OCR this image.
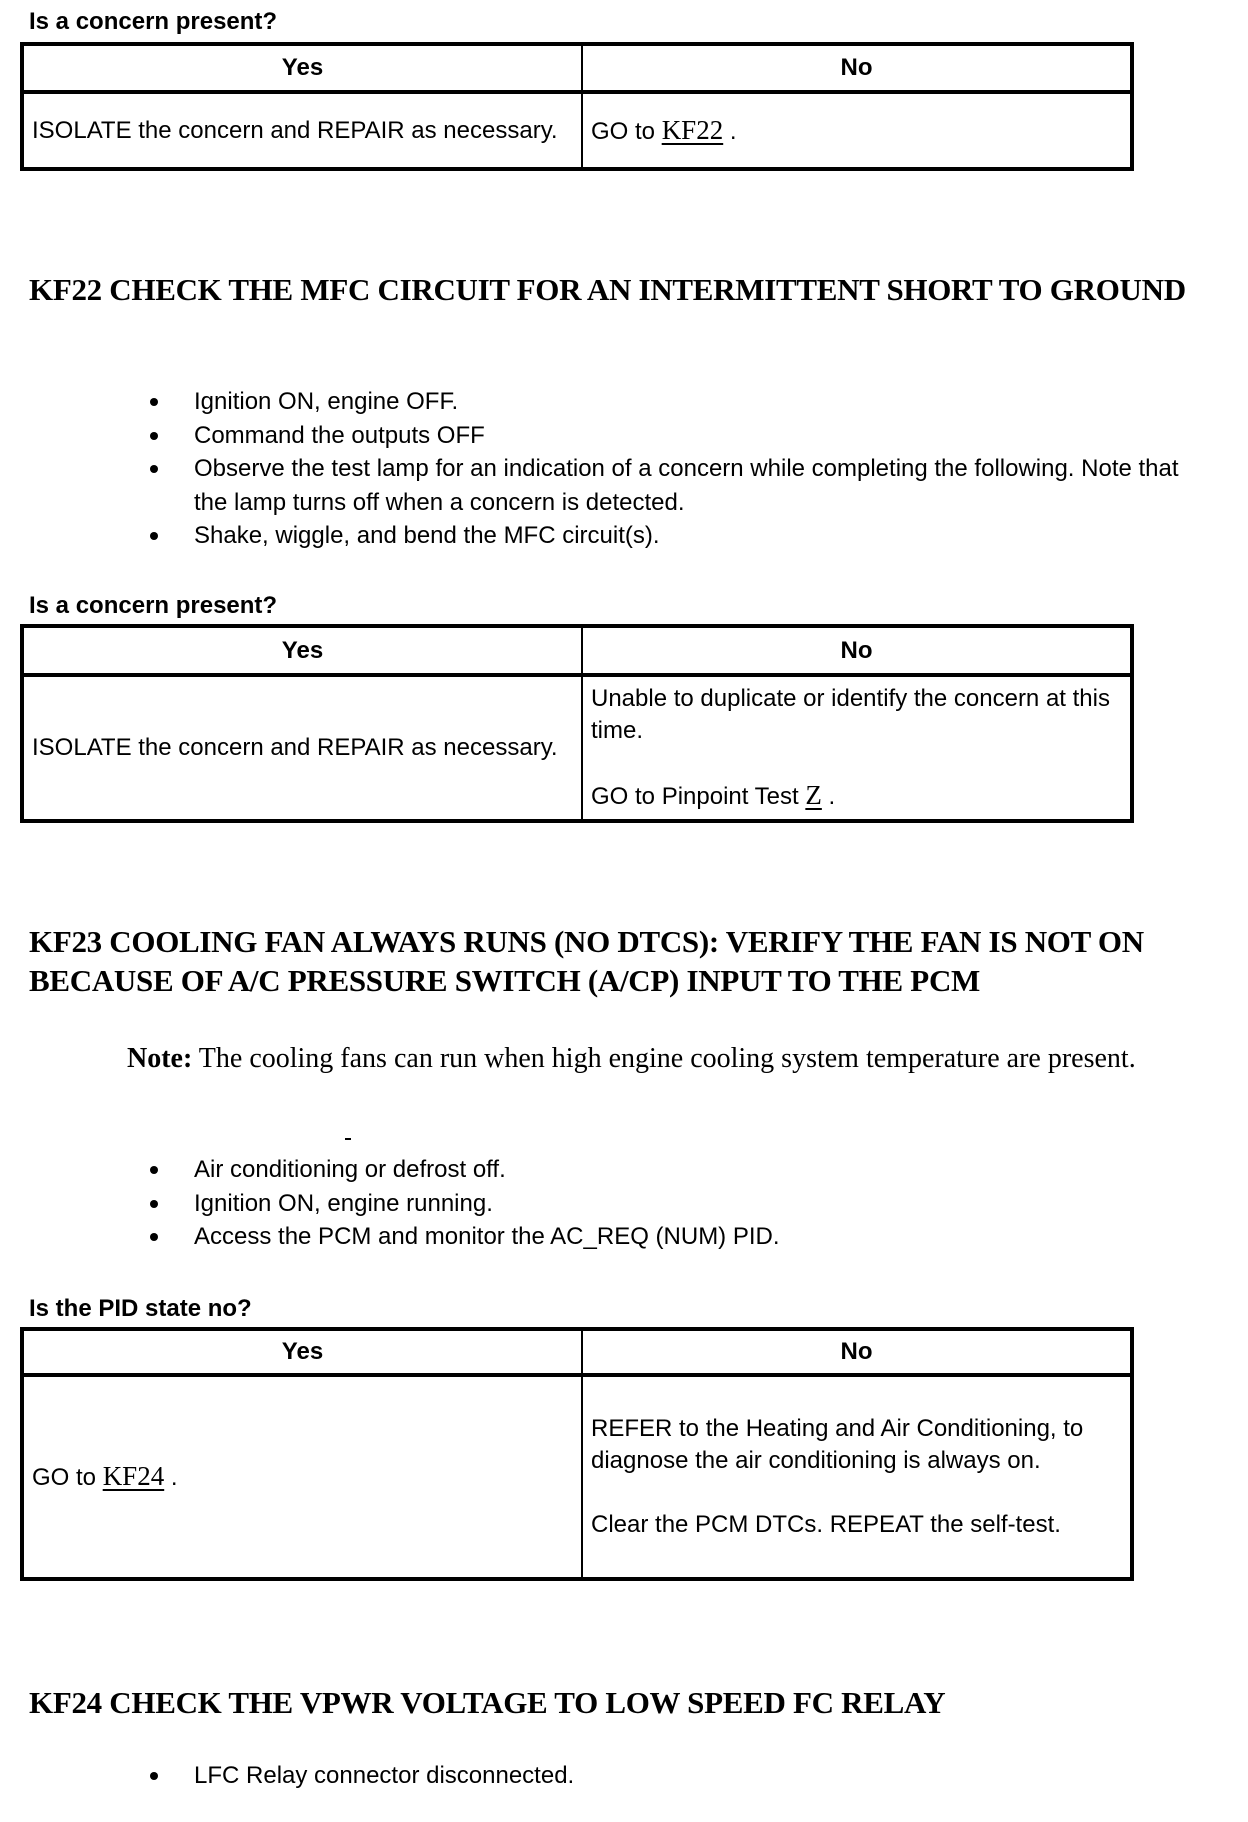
Is a concern present?
Yes	No
ISOLATE the concern and REPAIR as necessary.	GO to KF22 .
KF22 CHECK THE MFC CIRCUIT FOR AN INTERMITTENT SHORT TO GROUND
Ignition ON, engine OFF.
Command the outputs OFF
Observe the test lamp for an indication of a concern while completing the following. Note that the lamp turns off when a concern is detected.
Shake, wiggle, and bend the MFC circuit(s).
Is a concern present?
Yes	No
ISOLATE the concern and REPAIR as necessary.	Unable to duplicate or identify the concern at this time.

GO to Pinpoint Test Z .

KF23 COOLING FAN ALWAYS RUNS (NO DTCS): VERIFY THE FAN IS NOT ON BECAUSE OF A/C PRESSURE SWITCH (A/CP) INPUT TO THE PCM
Note: The cooling fans can run when high engine cooling system temperature are present.
Air conditioning or defrost off.
Ignition ON, engine running.
Access the PCM and monitor the AC_REQ (NUM) PID.
Is the PID state no?
Yes	No
GO to KF24 .	REFER to the Heating and Air Conditioning, to diagnose the air conditioning is always on.

Clear the PCM DTCs. REPEAT the self-test.

KF24 CHECK THE VPWR VOLTAGE TO LOW SPEED FC RELAY
LFC Relay connector disconnected.
